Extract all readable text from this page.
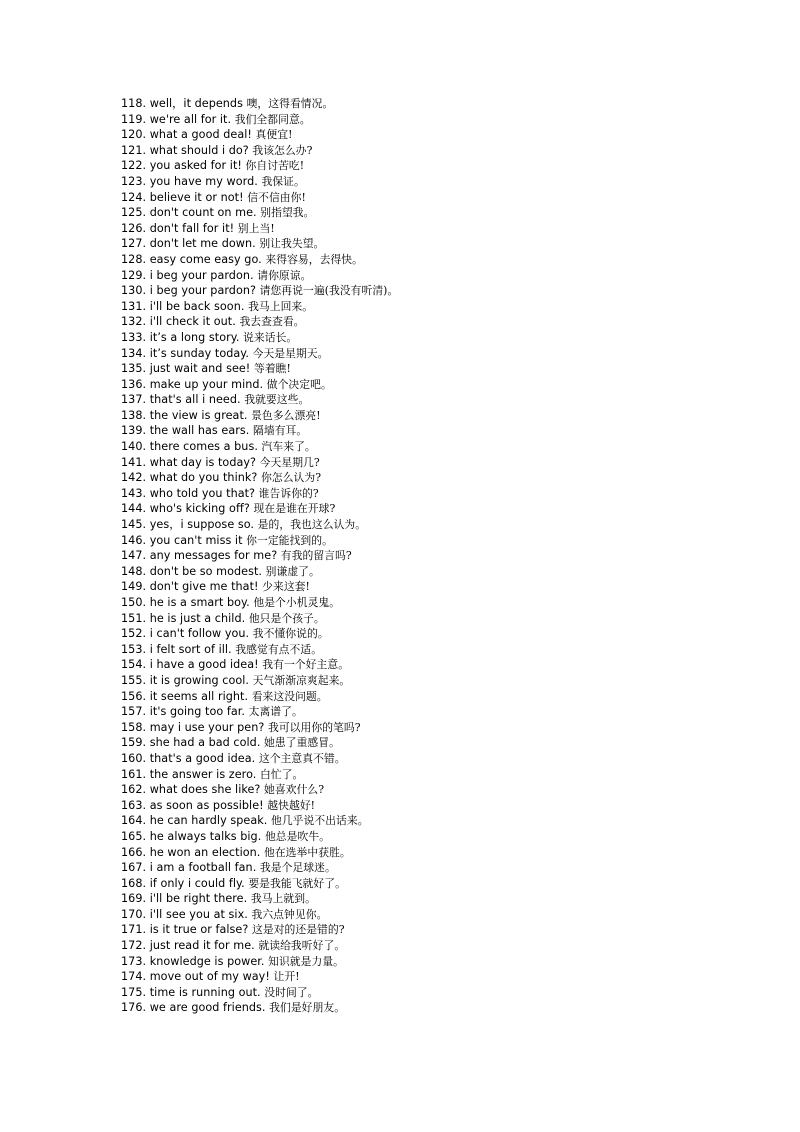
118. well，it depends 噢，这得看情况。
119. we're all for it. 我们全都同意。
120. what a good deal! 真便宜!
121. what should i do? 我该怎么办?
122. you asked for it! 你自讨苦吃!
123. you have my word. 我保证。
124. believe it or not! 信不信由你!
125. don't count on me. 别指望我。
126. don't fall for it! 别上当!
127. don't let me down. 别让我失望。
128. easy come easy go. 来得容易，去得快。
129. i beg your pardon. 请你原谅。
130. i beg your pardon? 请您再说一遍(我没有听清)。
131. i'll be back soon. 我马上回来。
132. i'll check it out. 我去查查看。
133. it’s a long story. 说来话长。
134. it’s sunday today. 今天是星期天。
135. just wait and see! 等着瞧!
136. make up your mind. 做个决定吧。
137. that's all i need. 我就要这些。
138. the view is great. 景色多么漂亮!
139. the wall has ears. 隔墙有耳。
140. there comes a bus. 汽车来了。
141. what day is today? 今天星期几?
142. what do you think? 你怎么认为?
143. who told you that? 谁告诉你的?
144. who's kicking off? 现在是谁在开球?
145. yes，i suppose so. 是的，我也这么认为。
146. you can't miss it 你一定能找到的。
147. any messages for me? 有我的留言吗?
148. don't be so modest. 别谦虚了。
149. don't give me that! 少来这套!
150. he is a smart boy. 他是个小机灵鬼。
151. he is just a child. 他只是个孩子。
152. i can't follow you. 我不懂你说的。
153. i felt sort of ill. 我感觉有点不适。
154. i have a good idea! 我有一个好主意。
155. it is growing cool. 天气渐渐凉爽起来。
156. it seems all right. 看来这没问题。
157. it's going too far. 太离谱了。
158. may i use your pen? 我可以用你的笔吗?
159. she had a bad cold. 她患了重感冒。
160. that's a good idea. 这个主意真不错。
161. the answer is zero. 白忙了。
162. what does she like? 她喜欢什么?
163. as soon as possible! 越快越好!
164. he can hardly speak. 他几乎说不出话来。
165. he always talks big. 他总是吹牛。
166. he won an election. 他在选举中获胜。
167. i am a football fan. 我是个足球迷。
168. if only i could fly. 要是我能飞就好了。
169. i'll be right there. 我马上就到。
170. i'll see you at six. 我六点钟见你。
171. is it true or false? 这是对的还是错的?
172. just read it for me. 就读给我听好了。
173. knowledge is power. 知识就是力量。
174. move out of my way! 让开!
175. time is running out. 没时间了。
176. we are good friends. 我们是好朋友。
